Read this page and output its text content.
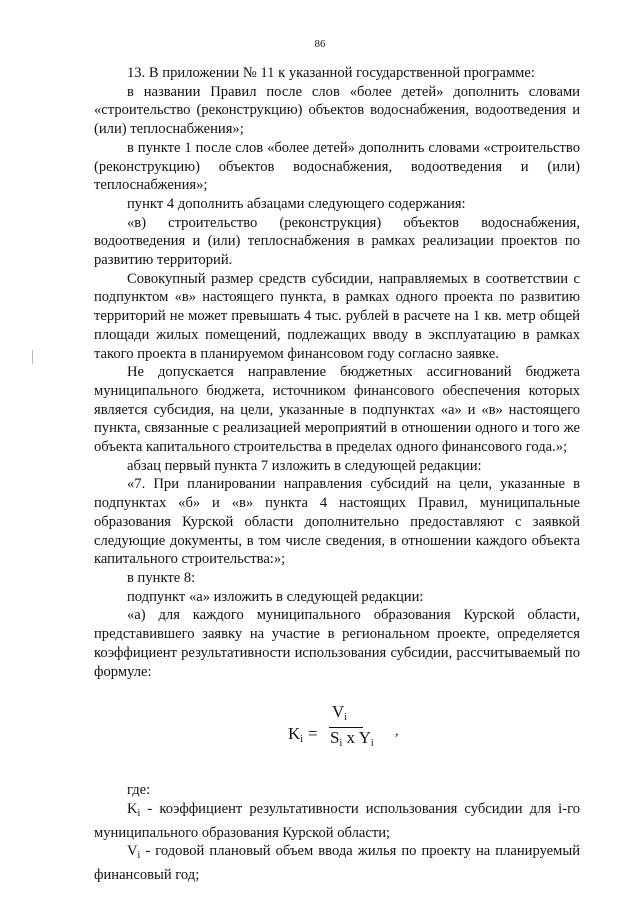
86

13. В приложении № 11 к указанной государственной программе:

в названии Правил после слов «более детей» дополнить словами «строительство (реконструкцию) объектов водоснабжения, водоотведения и (или) теплоснабжения»;

в пункте 1 после слов «более детей» дополнить словами «строительство (реконструкцию) объектов водоснабжения, водоотведения и (или) теплоснабжения»;

пункт 4 дополнить абзацами следующего содержания:

«в) строительство (реконструкция) объектов водоснабжения, водоотведения и (или) теплоснабжения в рамках реализации проектов по развитию территорий.

Совокупный размер средств субсидии, направляемых в соответствии с подпунктом «в» настоящего пункта, в рамках одного проекта по развитию территорий не может превышать 4 тыс. рублей в расчете на 1 кв. метр общей площади жилых помещений, подлежащих вводу в эксплуатацию в рамках такого проекта в планируемом финансовом году согласно заявке.

Не допускается направление бюджетных ассигнований бюджета муниципального бюджета, источником финансового обеспечения которых является субсидия, на цели, указанные в подпунктах «а» и «в» настоящего пункта, связанные с реализацией мероприятий в отношении одного и того же объекта капитального строительства в пределах одного финансового года.»;

абзац первый пункта 7 изложить в следующей редакции:

«7. При планировании направления субсидий на цели, указанные в подпунктах «б» и «в» пункта 4 настоящих Правил, муниципальные образования Курской области дополнительно предоставляют с заявкой следующие документы, в том числе сведения, в отношении каждого объекта капитального строительства:»;

в пункте 8:

подпункт «а» изложить в следующей редакции:

«а) для каждого муниципального образования Курской области, представившего заявку на участие в региональном проекте, определяется коэффициент результативности использования субсидии, рассчитываемый по формуле:

$K_i$ =
$V_i$
$S_i$ x $Y_i$
,

где:

$K_i$ - коэффициент результативности использования субсидии для i-го муниципального образования Курской области;

$V_i$ - годовой плановый объем ввода жилья по проекту на планируемый финансовый год;
